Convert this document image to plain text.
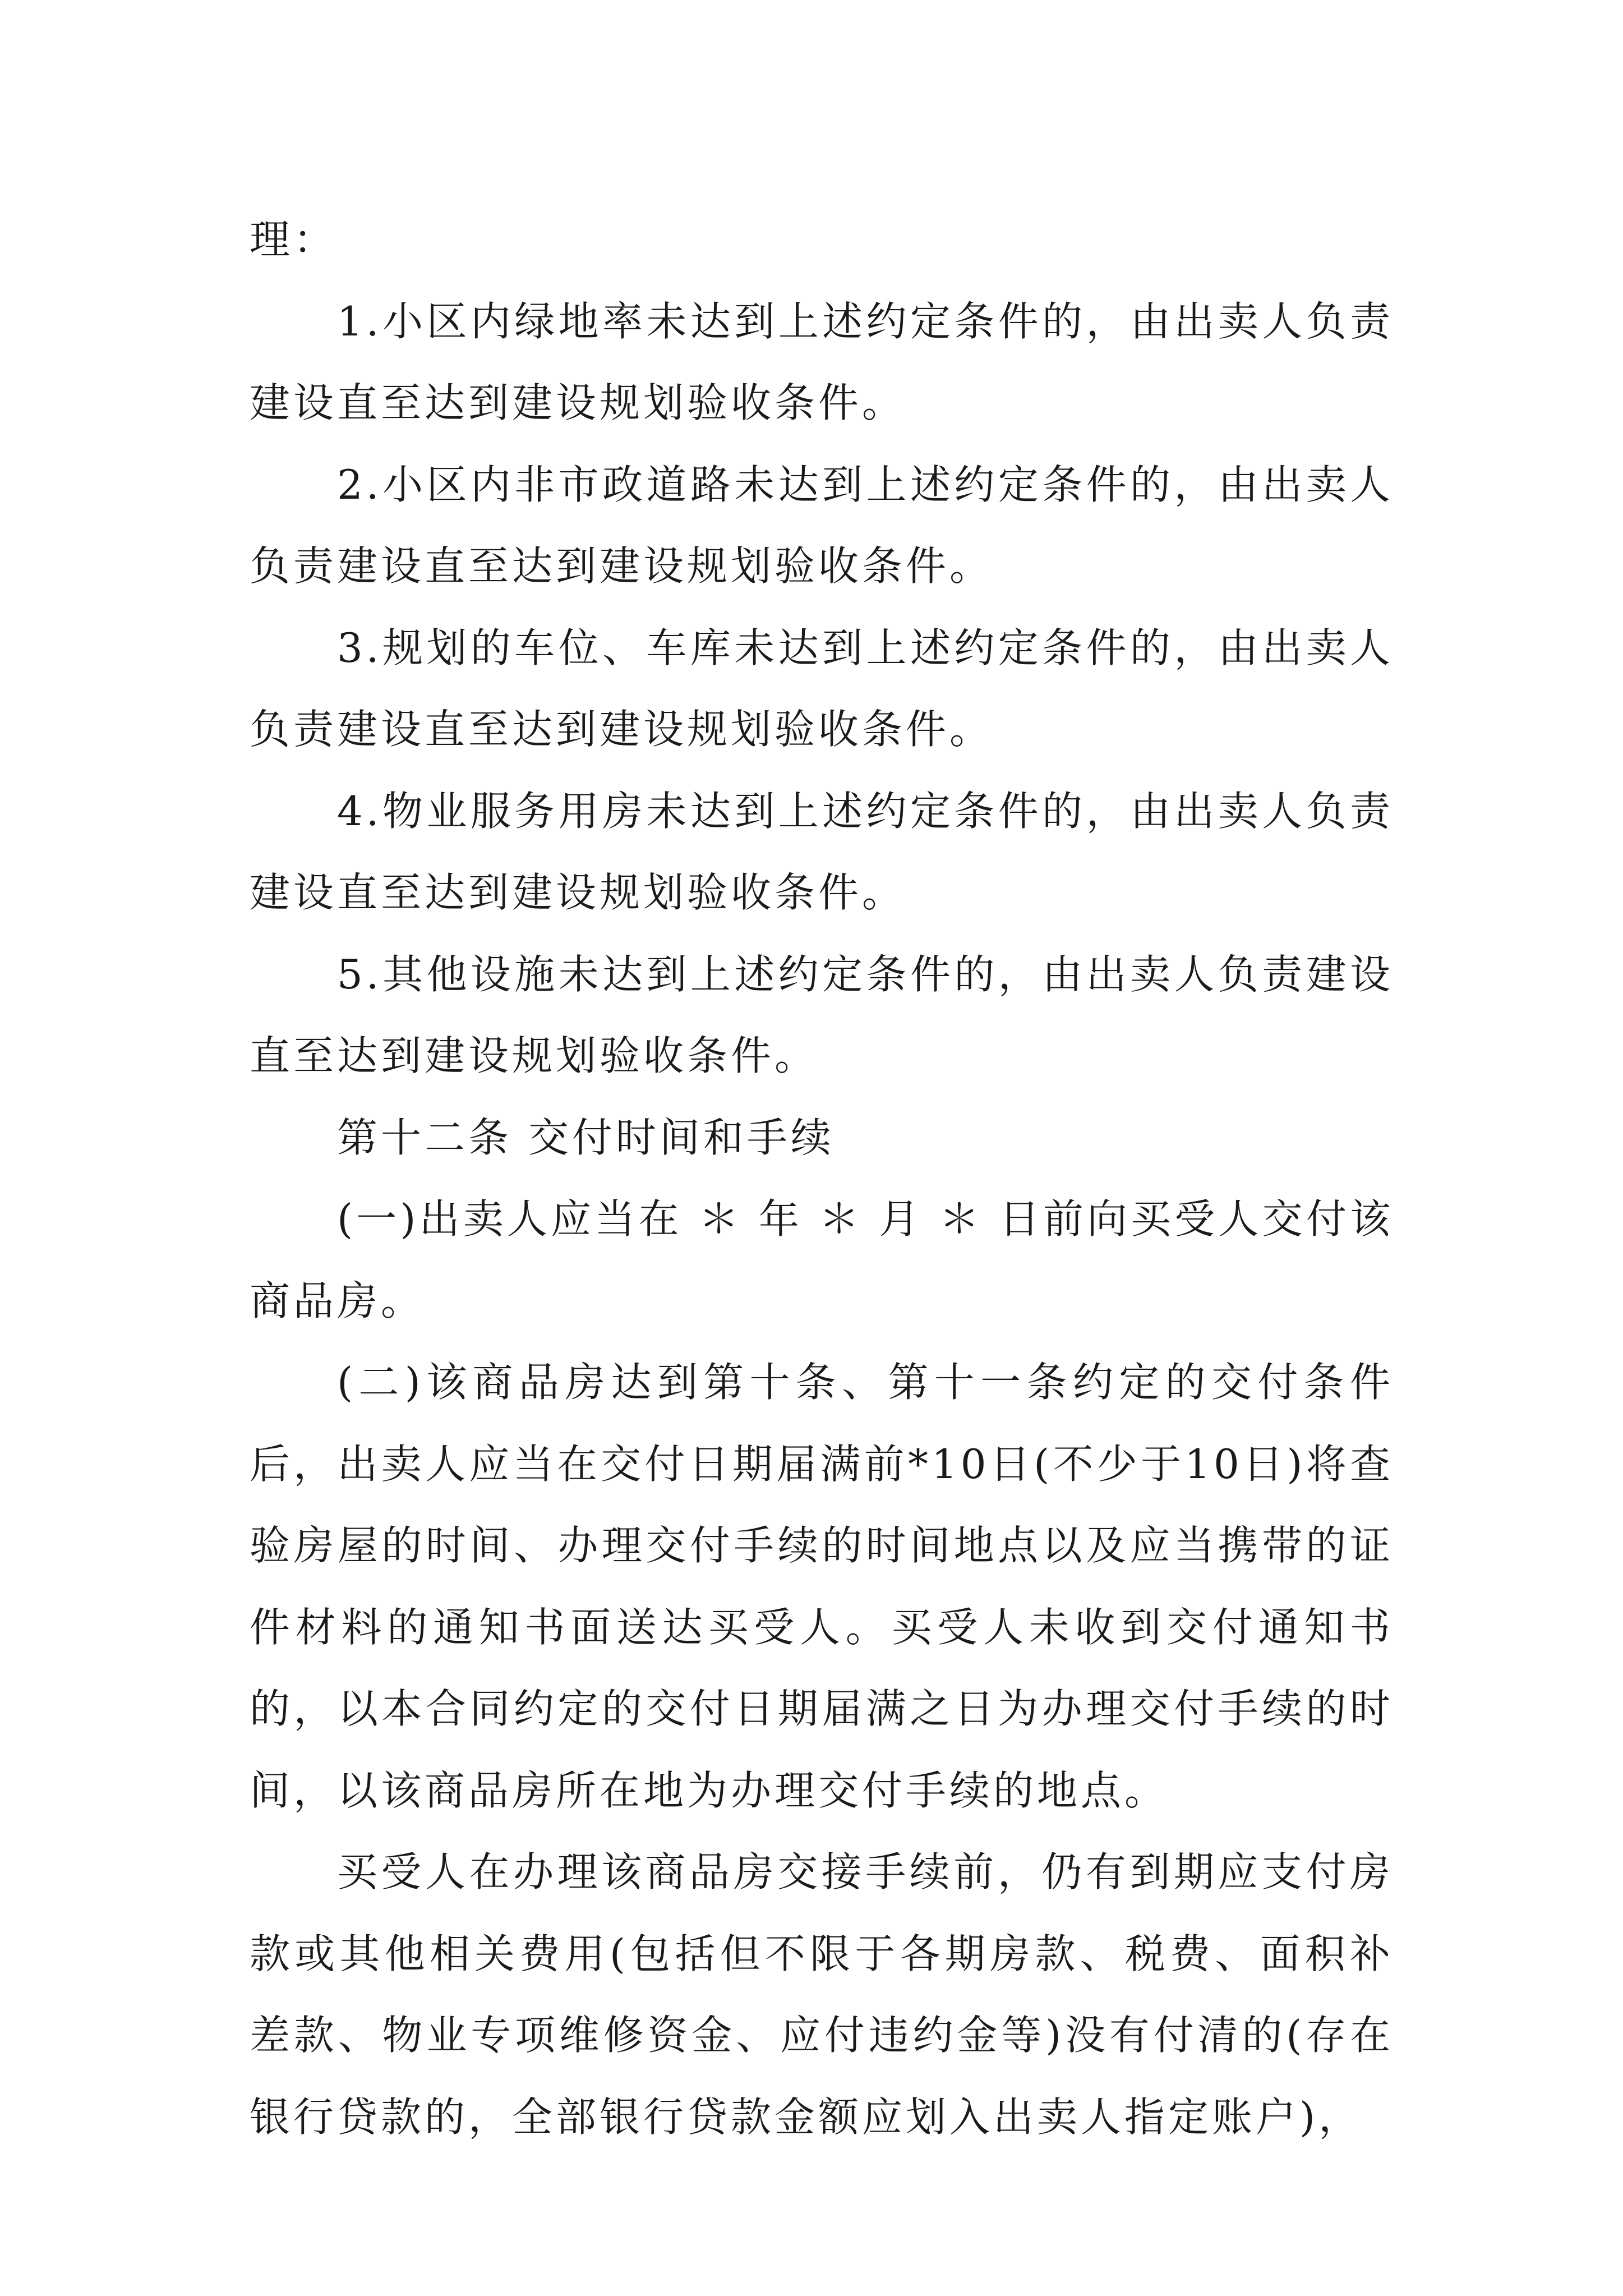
理：

1.小区内绿地率未达到上述约定条件的，由出卖人负责建设直至达到建设规划验收条件。

2.小区内非市政道路未达到上述约定条件的，由出卖人负责建设直至达到建设规划验收条件。

3.规划的车位、车库未达到上述约定条件的，由出卖人负责建设直至达到建设规划验收条件。

4.物业服务用房未达到上述约定条件的，由出卖人负责建设直至达到建设规划验收条件。

5.其他设施未达到上述约定条件的，由出卖人负责建设直至达到建设规划验收条件。

第十二条 交付时间和手续

(一)出卖人应当在 ＊ 年 ＊ 月 ＊ 日前向买受人交付该商品房。

(二)该商品房达到第十条、第十一条约定的交付条件后，出卖人应当在交付日期届满前*10日(不少于10日)将查验房屋的时间、办理交付手续的时间地点以及应当携带的证件材料的通知书面送达买受人。买受人未收到交付通知书的，以本合同约定的交付日期届满之日为办理交付手续的时间，以该商品房所在地为办理交付手续的地点。

买受人在办理该商品房交接手续前，仍有到期应支付房款或其他相关费用(包括但不限于各期房款、税费、面积补差款、物业专项维修资金、应付违约金等)没有付清的(存在银行贷款的，全部银行贷款金额应划入出卖人指定账户)，
